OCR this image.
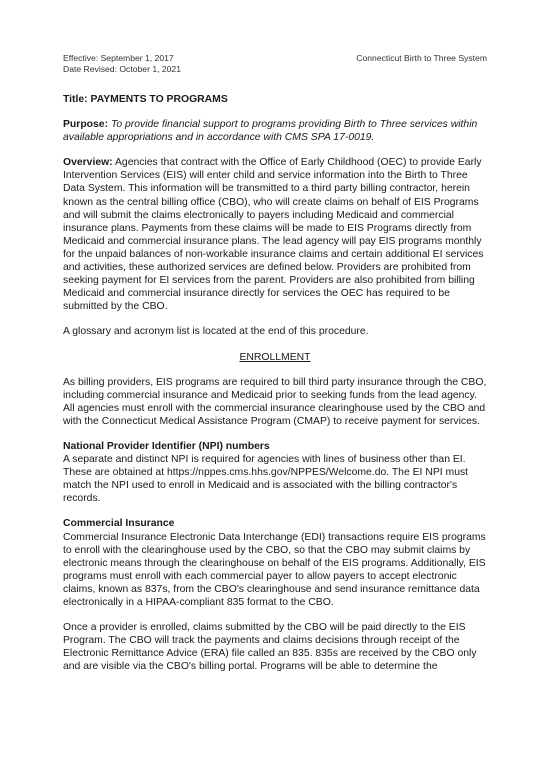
Effective: September 1, 2017	Connecticut Birth to Three System
Date Revised: October 1, 2021

Title: PAYMENTS TO PROGRAMS

Purpose: To provide financial support to programs providing Birth to Three services within available appropriations and in accordance with CMS SPA 17-0019.

Overview: Agencies that contract with the Office of Early Childhood (OEC) to provide Early Intervention Services (EIS) will enter child and service information into the Birth to Three Data System. This information will be transmitted to a third party billing contractor, herein known as the central billing office (CBO), who will create claims on behalf of EIS Programs and will submit the claims electronically to payers including Medicaid and commercial insurance plans. Payments from these claims will be made to EIS Programs directly from Medicaid and commercial insurance plans. The lead agency will pay EIS programs monthly for the unpaid balances of non-workable insurance claims and certain additional EI services and activities, these authorized services are defined below. Providers are prohibited from seeking payment for EI services from the parent. Providers are also prohibited from billing Medicaid and commercial insurance directly for services the OEC has required to be submitted by the CBO.

A glossary and acronym list is located at the end of this procedure.

ENROLLMENT

As billing providers, EIS programs are required to bill third party insurance through the CBO, including commercial insurance and Medicaid prior to seeking funds from the lead agency. All agencies must enroll with the commercial insurance clearinghouse used by the CBO and with the Connecticut Medical Assistance Program (CMAP) to receive payment for services.

National Provider Identifier (NPI) numbers

A separate and distinct NPI is required for agencies with lines of business other than EI. These are obtained at https://nppes.cms.hhs.gov/NPPES/Welcome.do. The EI NPI must match the NPI used to enroll in Medicaid and is associated with the billing contractor's records.

Commercial Insurance

Commercial Insurance Electronic Data Interchange (EDI) transactions require EIS programs to enroll with the clearinghouse used by the CBO, so that the CBO may submit claims by electronic means through the clearinghouse on behalf of the EIS programs. Additionally, EIS programs must enroll with each commercial payer to allow payers to accept electronic claims, known as 837s, from the CBO's clearinghouse and send insurance remittance data electronically in a HIPAA-compliant 835 format to the CBO.

Once a provider is enrolled, claims submitted by the CBO will be paid directly to the EIS Program. The CBO will track the payments and claims decisions through receipt of the Electronic Remittance Advice (ERA) file called an 835. 835s are received by the CBO only and are visible via the CBO's billing portal. Programs will be able to determine the
